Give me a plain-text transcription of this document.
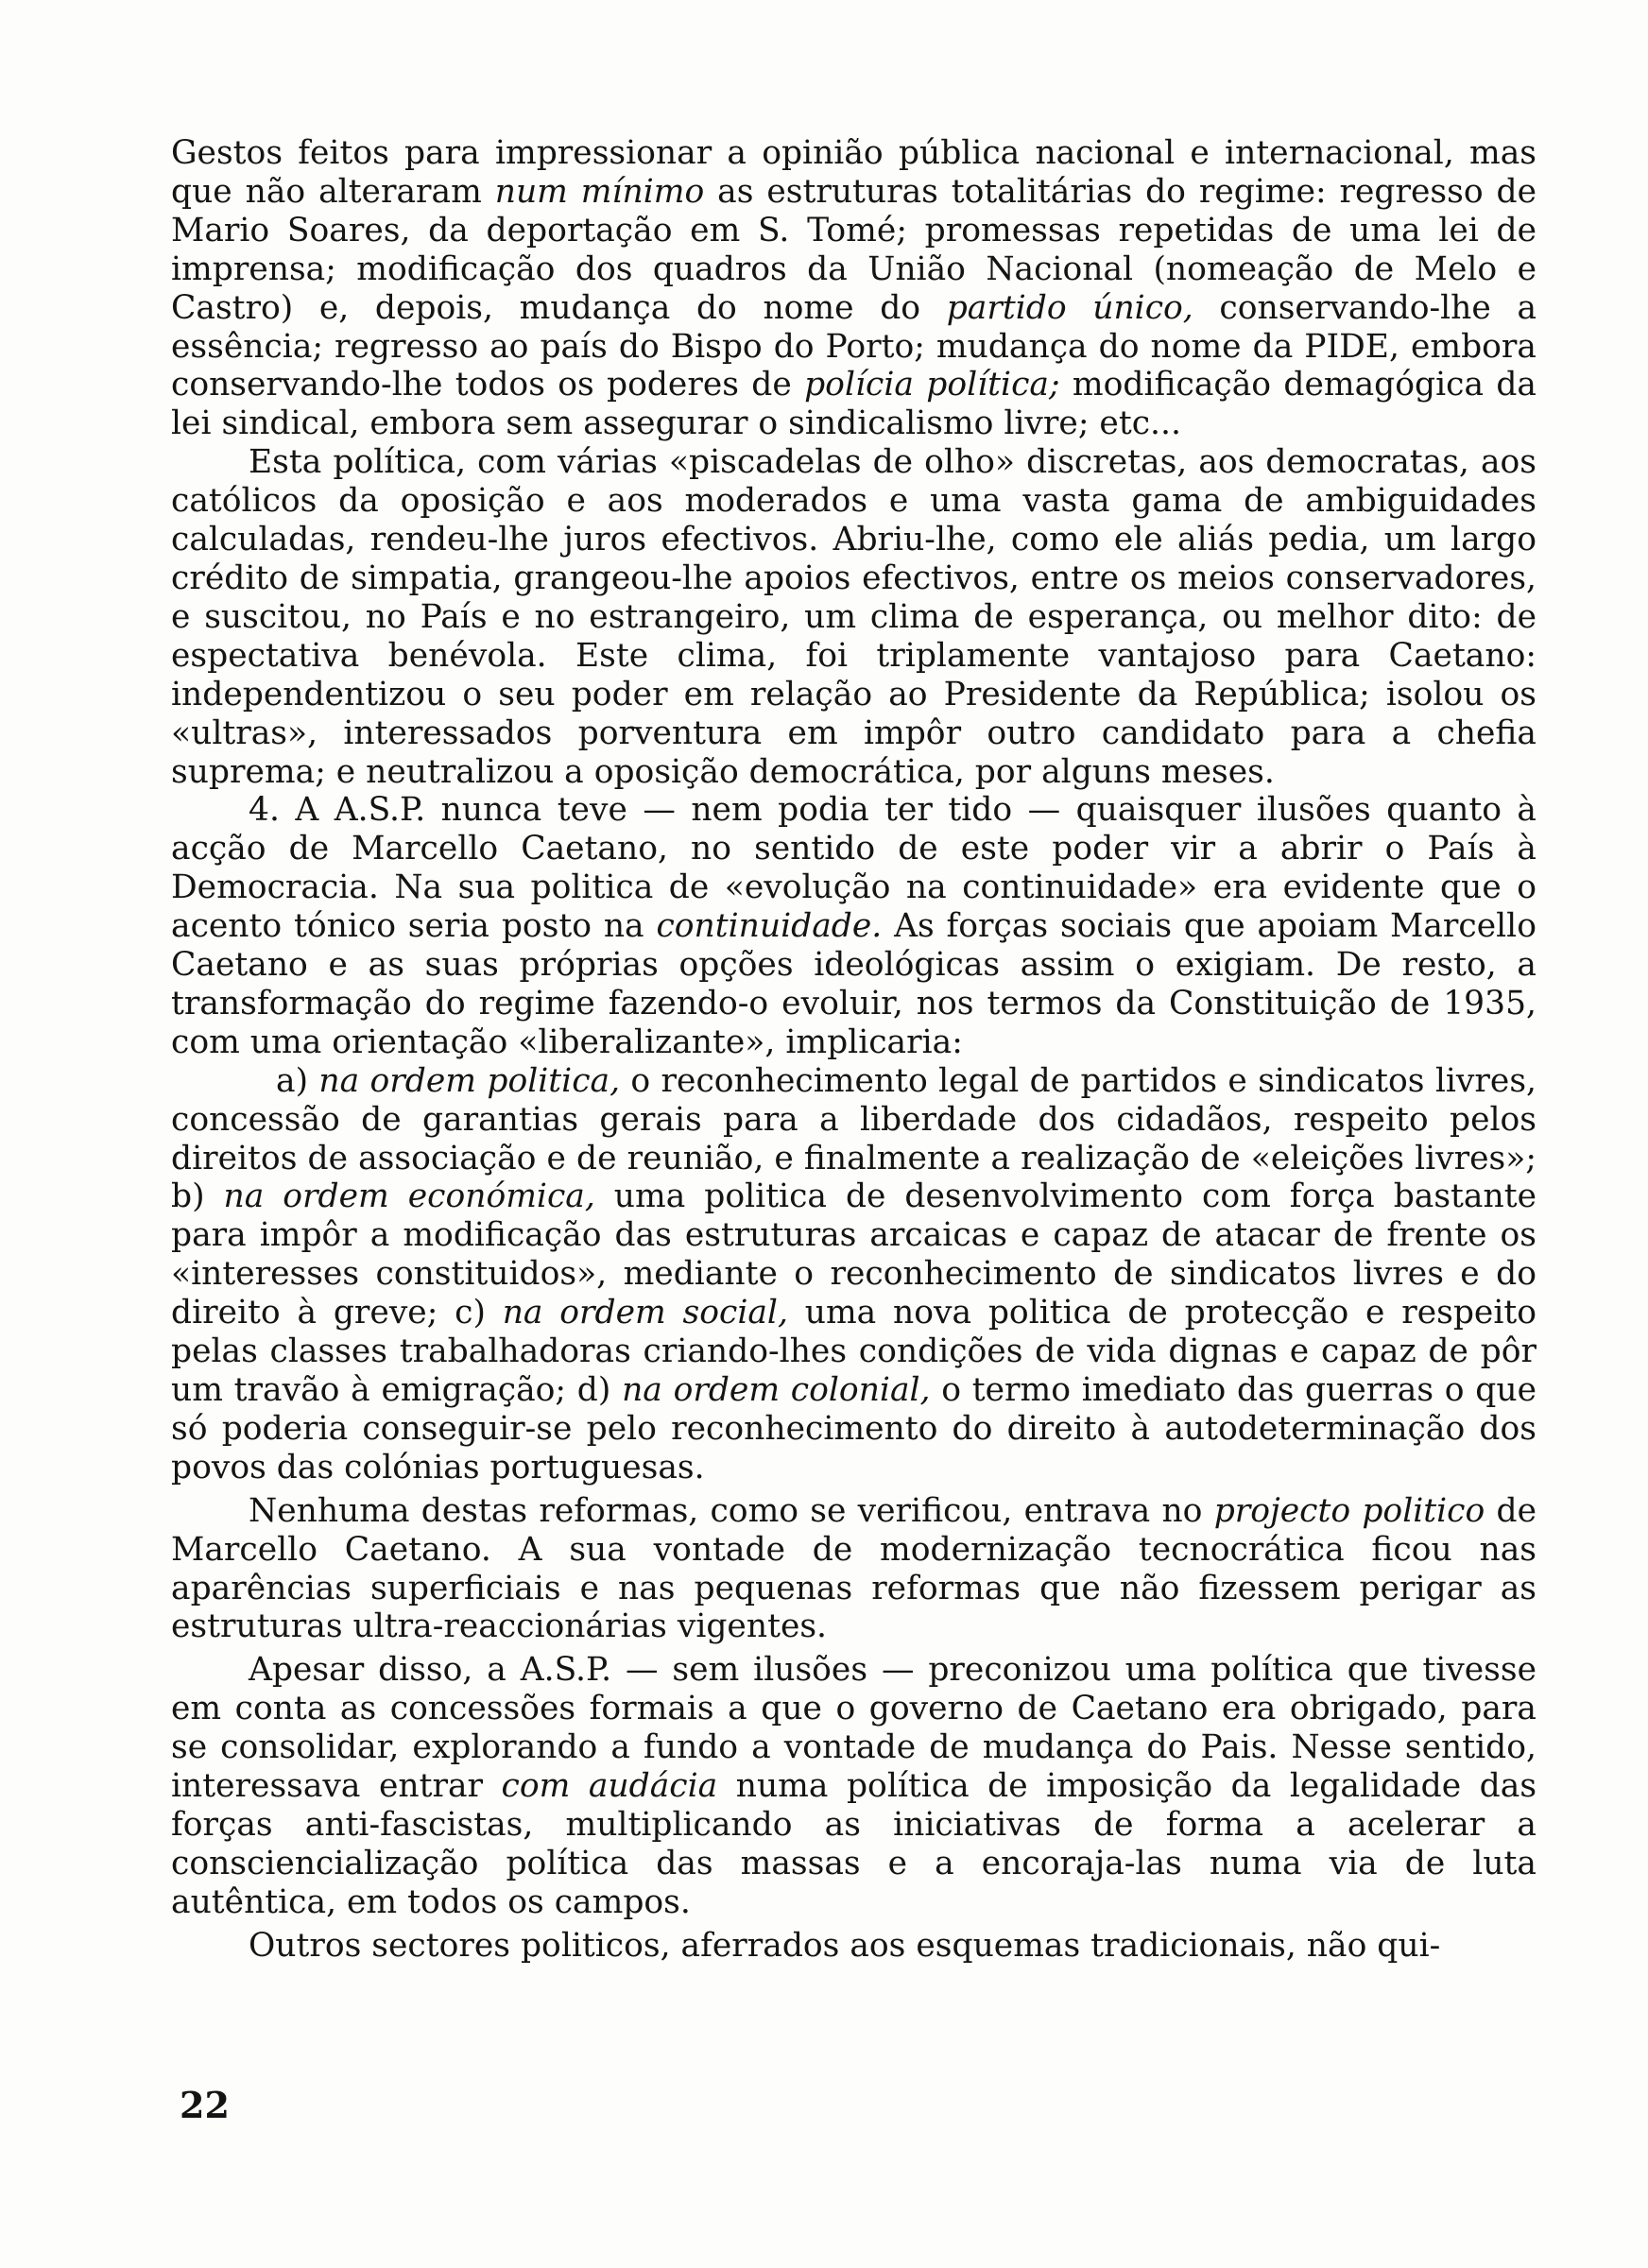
Gestos feitos para impressionar a opinião pública nacional e internacional, mas que não alteraram num mínimo as estruturas totalitárias do regime: regresso de Mario Soares, da deportação em S. Tomé; promessas repetidas de uma lei de imprensa; modificação dos quadros da União Nacional (nomeação de Melo e Castro) e, depois, mudança do nome do partido único, conservando-lhe a essência; regresso ao país do Bispo do Porto; mudança do nome da PIDE, embora conservando-lhe todos os poderes de polícia política; modificação demagógica da lei sindical, embora sem assegurar o sindicalismo livre; etc...

Esta política, com várias «piscadelas de olho» discretas, aos democratas, aos católicos da oposição e aos moderados e uma vasta gama de ambiguidades calculadas, rendeu-lhe juros efectivos. Abriu-lhe, como ele aliás pedia, um largo crédito de simpatia, grangeou-lhe apoios efectivos, entre os meios conservadores, e suscitou, no País e no estrangeiro, um clima de esperança, ou melhor dito: de espectativa benévola. Este clima, foi triplamente vantajoso para Caetano: independentizou o seu poder em relação ao Presidente da República; isolou os «ultras», interessados porventura em impôr outro candidato para a chefia suprema; e neutralizou a oposição democrática, por alguns meses.

4. A A.S.P. nunca teve — nem podia ter tido — quaisquer ilusões quanto à acção de Marcello Caetano, no sentido de este poder vir a abrir o País à Democracia. Na sua politica de «evolução na continuidade» era evidente que o acento tónico seria posto na continuidade. As forças sociais que apoiam Marcello Caetano e as suas próprias opções ideológicas assim o exigiam. De resto, a transformação do regime fazendo-o evoluir, nos termos da Constituição de 1935, com uma orientação «liberalizante», implicaria:

a) na ordem politica, o reconhecimento legal de partidos e sindicatos livres, concessão de garantias gerais para a liberdade dos cidadãos, respeito pelos direitos de associação e de reunião, e finalmente a realização de «eleições livres»; b) na ordem económica, uma politica de desenvolvimento com força bastante para impôr a modificação das estruturas arcaicas e capaz de atacar de frente os «interesses constituidos», mediante o reconhecimento de sindicatos livres e do direito à greve; c) na ordem social, uma nova politica de protecção e respeito pelas classes trabalhadoras criando-lhes condições de vida dignas e capaz de pôr um travão à emigração; d) na ordem colonial, o termo imediato das guerras o que só poderia conseguir-se pelo reconhecimento do direito à autodeterminação dos povos das colónias portuguesas.

Nenhuma destas reformas, como se verificou, entrava no projecto politico de Marcello Caetano. A sua vontade de modernização tecnocrática ficou nas aparências superficiais e nas pequenas reformas que não fizessem perigar as estruturas ultra-reaccionárias vigentes.

Apesar disso, a A.S.P. — sem ilusões — preconizou uma política que tivesse em conta as concessões formais a que o governo de Caetano era obrigado, para se consolidar, explorando a fundo a vontade de mudança do Pais. Nesse sentido, interessava entrar com audácia numa política de imposição da legalidade das forças anti-fascistas, multiplicando as iniciativas de forma a acelerar a consciencialização política das massas e a encoraja-las numa via de luta autêntica, em todos os campos.

Outros sectores politicos, aferrados aos esquemas tradicionais, não qui-

22
